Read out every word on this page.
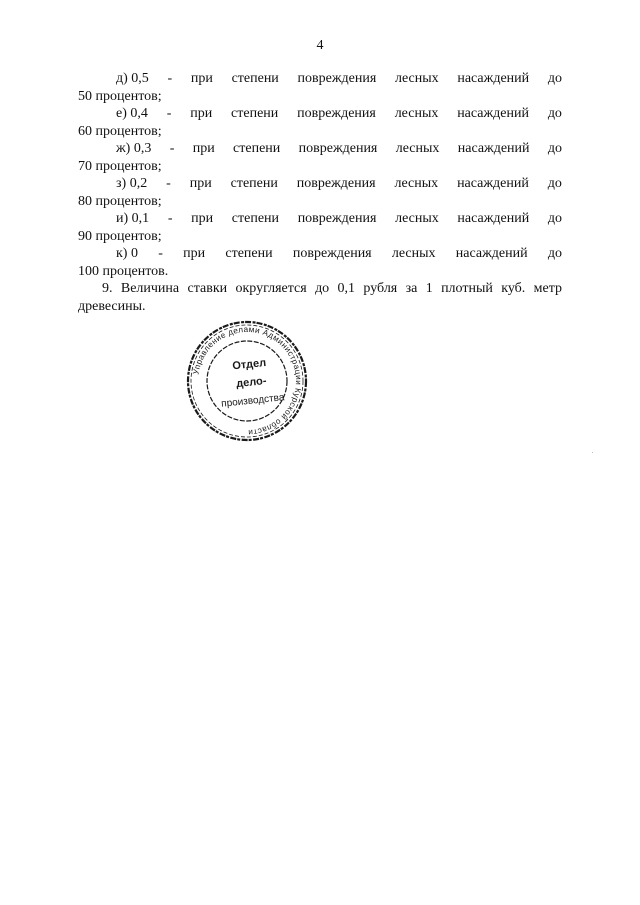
4
д) 0,5 - при степени повреждения лесных насаждений до
50 процентов;
е) 0,4 - при степени повреждения лесных насаждений до
60 процентов;
ж) 0,3 - при степени повреждения лесных насаждений до
70 процентов;
з) 0,2 - при степени повреждения лесных насаждений до
80 процентов;
и) 0,1 - при степени повреждения лесных насаждений до
90 процентов;
к) 0 - при степени повреждения лесных насаждений до
100 процентов.

9. Величина ставки округляется до 0,1 рубля за 1 плотный куб. метр древесины.

Управление делами Администрации Курской области
Отдел
дело-
производства
